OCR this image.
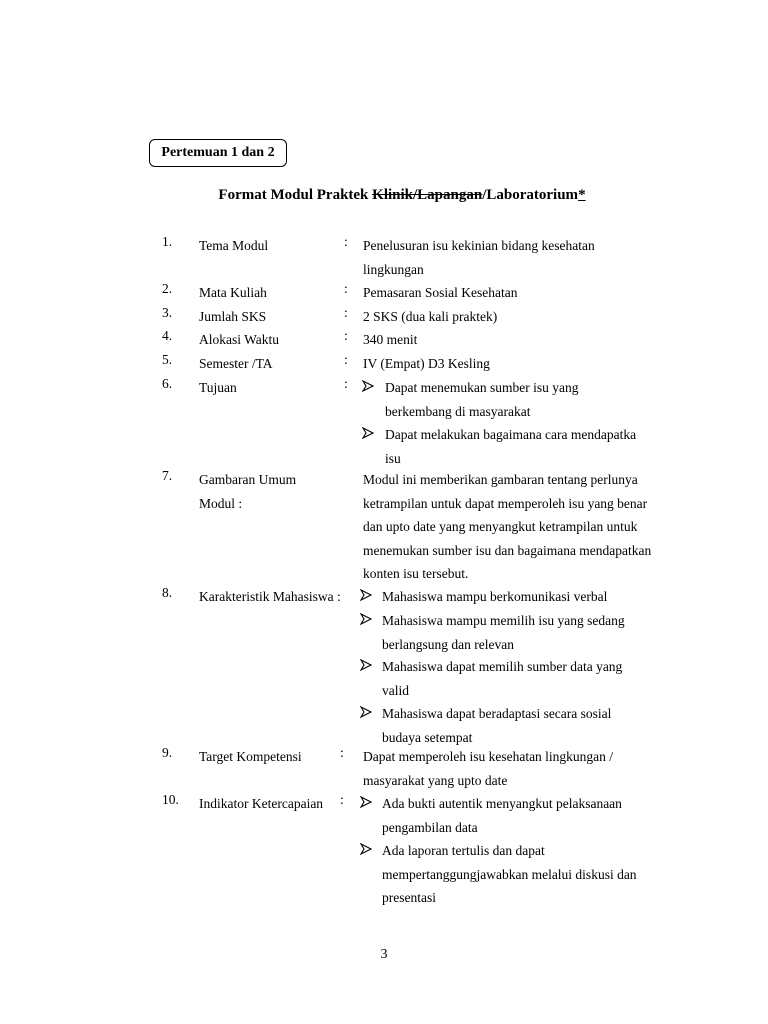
Pertemuan 1 dan 2
Format Modul Praktek Klinik/Lapangan/Laboratorium*
1. Tema Modul	: Penelusuran isu kekinian bidang kesehatan lingkungan
2. Mata Kuliah	: Pemasaran Sosial Kesehatan
3. Jumlah SKS	: 2 SKS (dua kali praktek)
4. Alokasi Waktu	: 340 menit
5. Semester /TA	: IV (Empat) D3 Kesling
6. Tujuan	:	Dapat menemukan sumber isu yang berkembang di masyarakat
Dapat melakukan bagaimana cara mendapatka isu
7. Gambaran Umum Modul :
Modul ini memberikan gambaran tentang perlunya ketrampilan untuk dapat memperoleh isu yang benar dan upto date yang menyangkut ketrampilan untuk menemukan sumber isu dan bagaimana mendapatkan konten isu tersebut.
8. Karakteristik Mahasiswa :	Mahasiswa mampu berkomunikasi verbal
Mahasiswa mampu memilih isu yang sedang berlangsung dan relevan
Mahasiswa dapat memilih sumber data yang valid
Mahasiswa dapat beradaptasi secara sosial budaya setempat
9. Target Kompetensi	: Dapat memperoleh isu kesehatan lingkungan / masyarakat yang upto date
10. Indikator Ketercapaian	:	Ada bukti autentik menyangkut pelaksanaan pengambilan data
Ada laporan tertulis dan dapat mempertanggungjawabkan melalui diskusi dan presentasi
3
